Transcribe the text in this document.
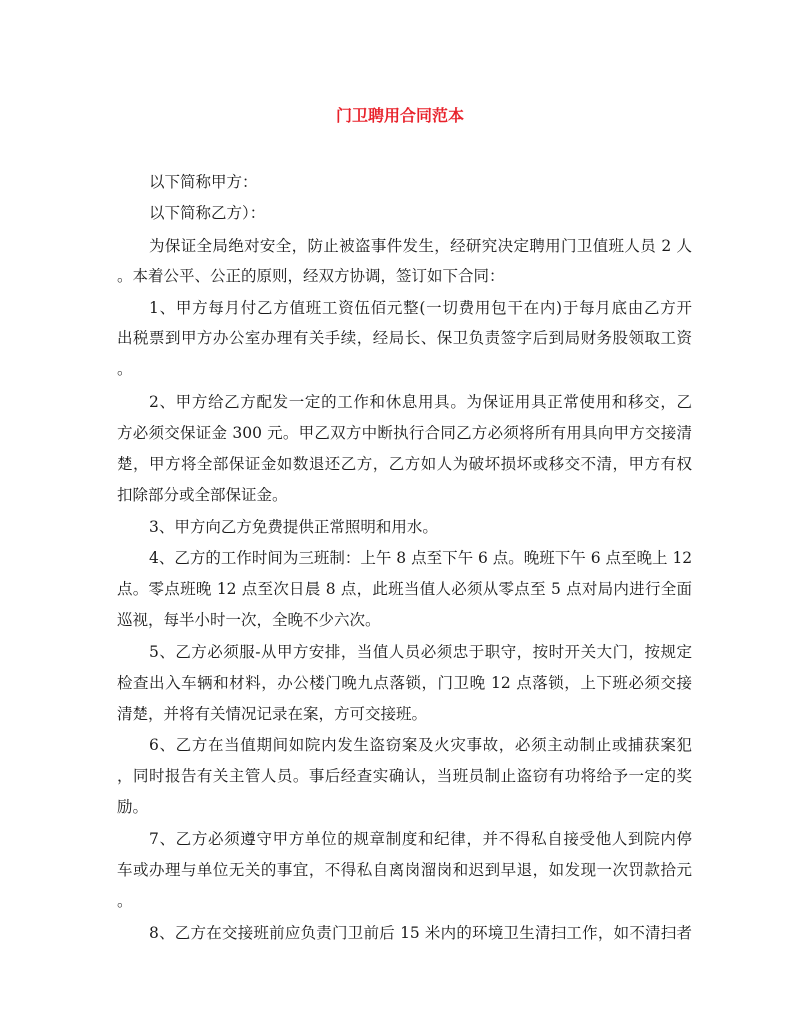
门卫聘用合同范本
以下简称甲方：
以下简称乙方）：
为保证全局绝对安全，防止被盗事件发生，经研究决定聘用门卫值班人员 2 人
。本着公平、公正的原则，经双方协调，签订如下合同：
1、甲方每月付乙方值班工资伍佰元整(一切费用包干在内)于每月底由乙方开
出税票到甲方办公室办理有关手续，经局长、保卫负责签字后到局财务股领取工资
。
2、甲方给乙方配发一定的工作和休息用具。为保证用具正常使用和移交，乙
方必须交保证金 300 元。甲乙双方中断执行合同乙方必须将所有用具向甲方交接清
楚，甲方将全部保证金如数退还乙方，乙方如人为破坏损坏或移交不清，甲方有权
扣除部分或全部保证金。
3、甲方向乙方免费提供正常照明和用水。
4、乙方的工作时间为三班制：上午 8 点至下午 6 点。晚班下午 6 点至晚上 12
点。零点班晚 12 点至次日晨 8 点，此班当值人必须从零点至 5 点对局内进行全面
巡视，每半小时一次，全晚不少六次。
5、乙方必须服-从甲方安排，当值人员必须忠于职守，按时开关大门，按规定
检查出入车辆和材料，办公楼门晚九点落锁，门卫晚 12 点落锁，上下班必须交接
清楚，并将有关情况记录在案，方可交接班。
6、乙方在当值期间如院内发生盗窃案及火灾事故，必须主动制止或捕获案犯
，同时报告有关主管人员。事后经查实确认，当班员制止盗窃有功将给予一定的奖
励。
7、乙方必须遵守甲方单位的规章制度和纪律，并不得私自接受他人到院内停
车或办理与单位无关的事宜，不得私自离岗溜岗和迟到早退，如发现一次罚款拾元
。
8、乙方在交接班前应负责门卫前后 15 米内的环境卫生清扫工作，如不清扫者
